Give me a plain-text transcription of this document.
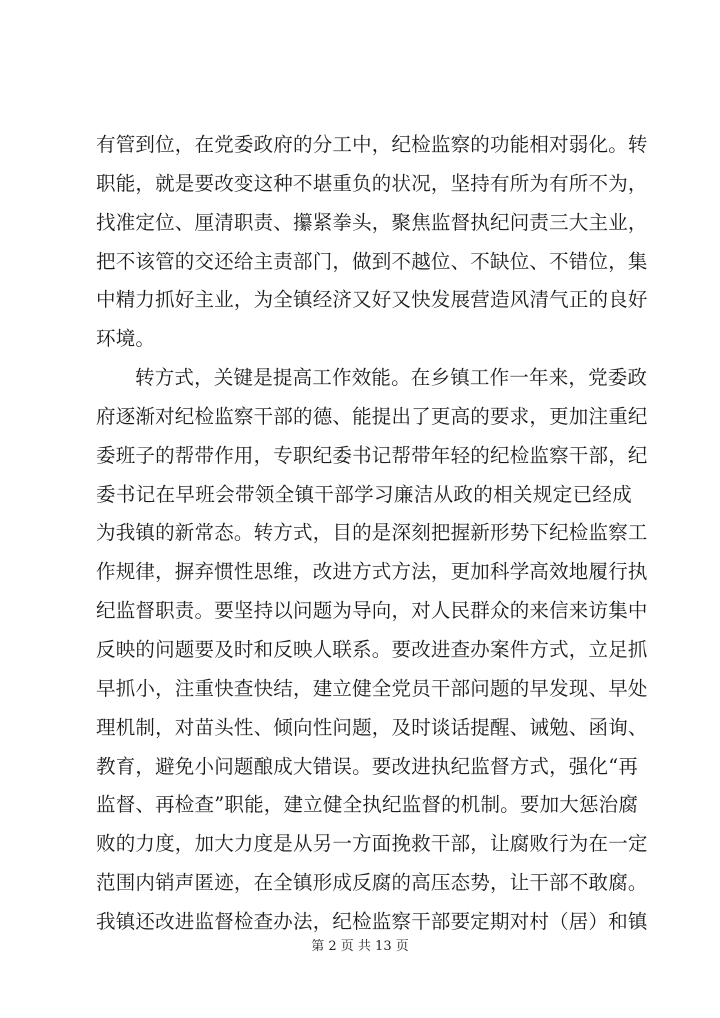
有管到位，在党委政府的分工中，纪检监察的功能相对弱化。转
职能，就是要改变这种不堪重负的状况，坚持有所为有所不为，
找准定位、厘清职责、攥紧拳头，聚焦监督执纪问责三大主业，
把不该管的交还给主责部门，做到不越位、不缺位、不错位，集
中精力抓好主业，为全镇经济又好又快发展营造风清气正的良好
环境。
转方式，关键是提高工作效能。在乡镇工作一年来，党委政
府逐渐对纪检监察干部的德、能提出了更高的要求，更加注重纪
委班子的帮带作用，专职纪委书记帮带年轻的纪检监察干部，纪
委书记在早班会带领全镇干部学习廉洁从政的相关规定已经成
为我镇的新常态。转方式，目的是深刻把握新形势下纪检监察工
作规律，摒弃惯性思维，改进方式方法，更加科学高效地履行执
纪监督职责。要坚持以问题为导向，对人民群众的来信来访集中
反映的问题要及时和反映人联系。要改进查办案件方式，立足抓
早抓小，注重快查快结，建立健全党员干部问题的早发现、早处
理机制，对苗头性、倾向性问题，及时谈话提醒、诫勉、函询、
教育，避免小问题酿成大错误。要改进执纪监督方式，强化“再
监督、再检查”职能，建立健全执纪监督的机制。要加大惩治腐
败的力度，加大力度是从另一方面挽救干部，让腐败行为在一定
范围内销声匿迹，在全镇形成反腐的高压态势，让干部不敢腐。
我镇还改进监督检查办法，纪检监察干部要定期对村（居）和镇
第 2 页 共 13 页
